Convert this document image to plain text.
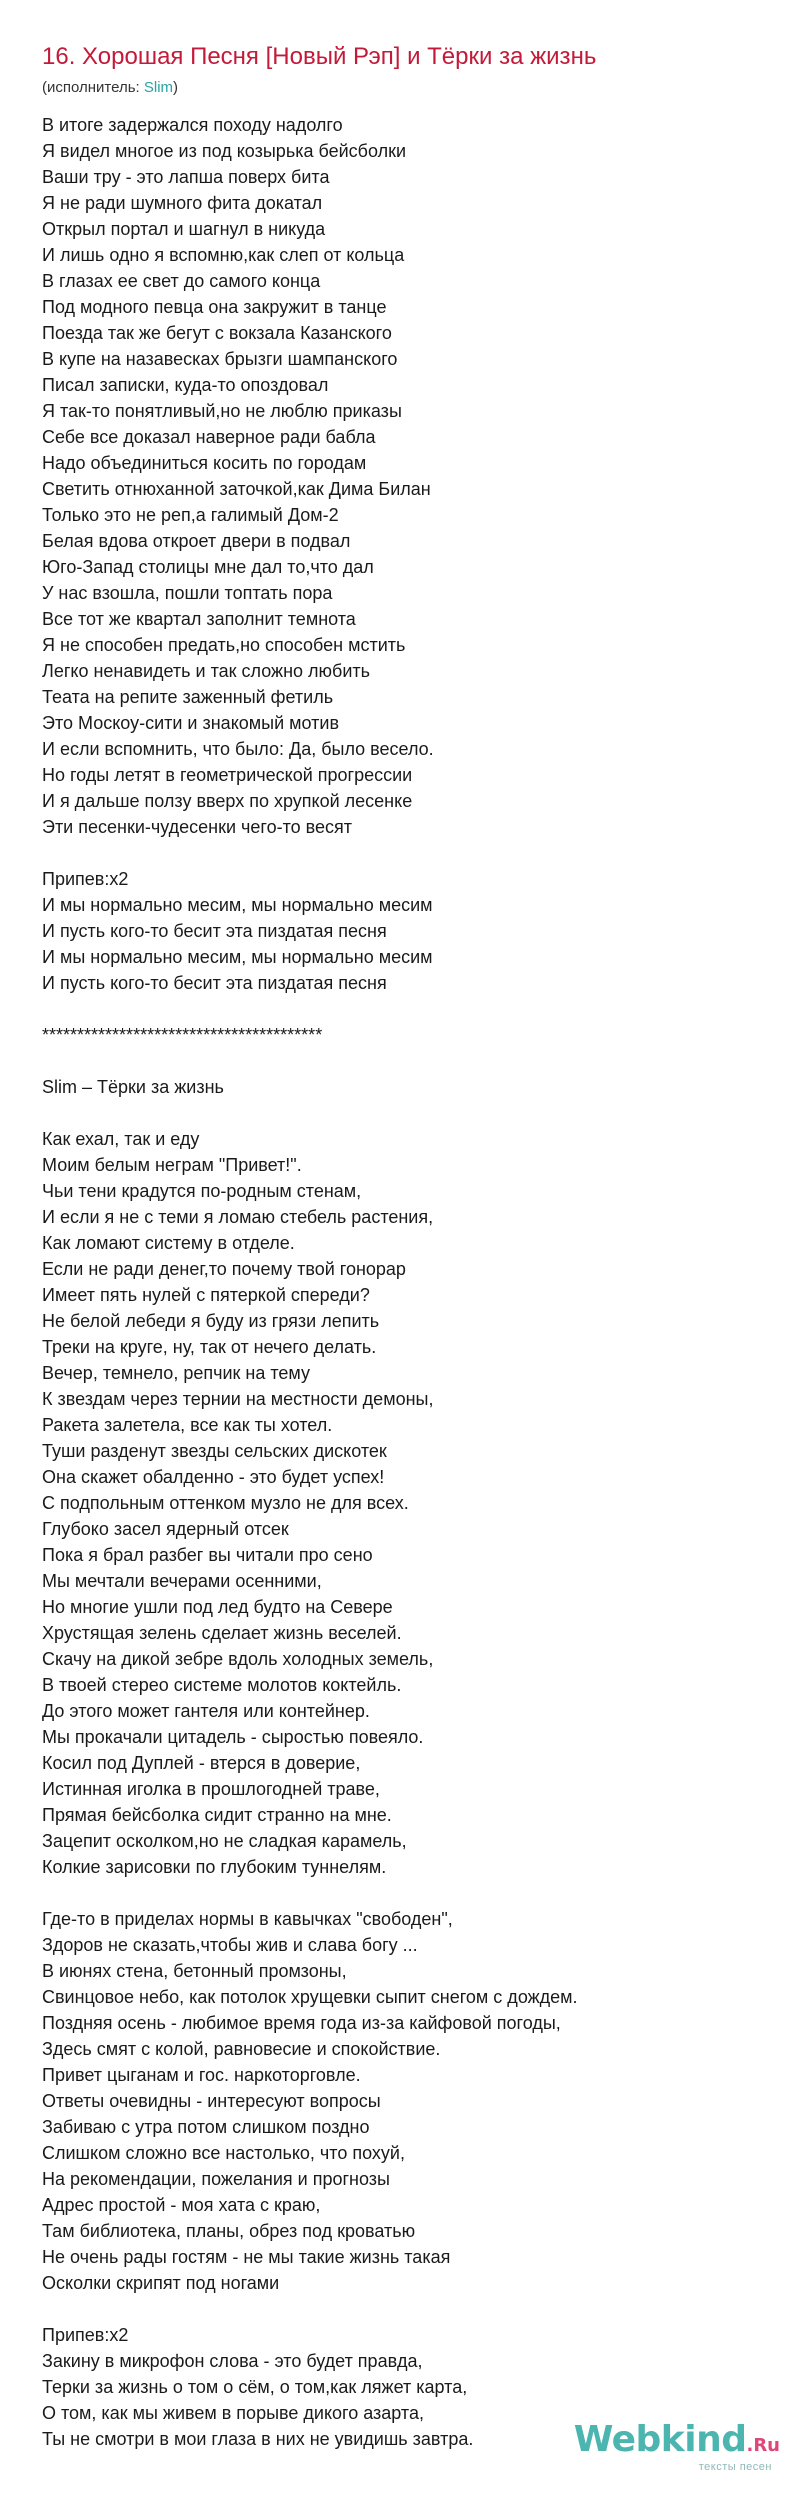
16. Хорошая Песня [Новый Рэп] и Тёрки за жизнь
(исполнитель: Slim)
В итоге задержался походу надолго
Я видел многое из под козырька бейсболки
Ваши тру - это лапша поверх бита
Я не ради шумного фита докатал
Открыл портал и шагнул в никуда
И лишь одно я вспомню,как слеп от кольца
В глазах ее свет до самого конца
Под модного певца она закружит в танце
Поезда так же бегут с вокзала Казанского
В купе на назавесках брызги шампанского
Писал записки, куда-то опоздовал
Я так-то понятливый,но не люблю приказы
Себе все доказал наверное ради бабла
Надо объединиться косить по городам
Светить отнюханной заточкой,как Дима Билан
Только это не реп,а галимый Дом-2
Белая вдова откроет двери в подвал
Юго-Запад столицы мне дал то,что дал
У нас взошла, пошли топтать пора
Все тот же квартал заполнит темнота
Я не способен предать,но способен мстить
Легко ненавидеть и так сложно любить
Теата на репите заженный фетиль
Это Москоу-сити и знакомый мотив
И если вспомнить, что было: Да, было весело.
Но годы летят в геометрической прогрессии
И я дальше ползу вверх по хрупкой лесенке
Эти песенки-чудесенки чего-то весят
Припев:x2
И мы нормально месим, мы нормально месим
И пусть кого-то бесит эта пиздатая песня
И мы нормально месим, мы нормально месим
И пусть кого-то бесит эта пиздатая песня
****************************************
Slim – Тёрки за жизнь
Как ехал, так и еду
Моим белым неграм "Привет!".
Чьи тени крадутся по-родным стенам,
И если я не с теми я ломаю стебель растения,
Как ломают систему в отделе.
Если не ради денег,то почему твой гонорар
Имеет пять нулей с пятеркой спереди?
Не белой лебеди я буду из грязи лепить
Треки на круге, ну, так от нечего делать.
Вечер, темнело, репчик на тему
К звездам через тернии на местности демоны,
Ракета залетела, все как ты хотел.
Туши разденут звезды сельских дискотек
Она скажет обалденно - это будет успех!
С подпольным оттенком музло не для всех.
Глубоко засел ядерный отсек
Пока я брал разбег вы читали про сено
Мы мечтали вечерами осенними,
Но многие ушли под лед будто на Севере
Хрустящая зелень сделает жизнь веселей.
Скачу на дикой зебре вдоль холодных земель,
В твоей стерео системе молотов коктейль.
До этого может гантеля или контейнер.
Мы прокачали цитадель - сыростью повеяло.
Косил под Дуплей - втерся в доверие,
Истинная иголка в прошлогодней траве,
Прямая бейсболка сидит странно на мне.
Зацепит осколком,но не сладкая карамель,
Колкие зарисовки по глубоким туннелям.
Где-то в приделах нормы в кавычках "свободен",
Здоров не сказать,чтобы жив и слава богу ...
В июнях стена, бетонный промзоны,
Свинцовое небо, как потолок хрущевки сыпит снегом с дождем.
Поздняя осень - любимое время года из-за кайфовой погоды,
Здесь смят с колой, равновесие и спокойствие.
Привет цыганам и гос. наркоторговле.
Ответы очевидны - интересуют вопросы
Забиваю с утра потом слишком поздно
Слишком сложно все настолько, что похуй,
На рекомендации, пожелания и прогнозы
Адрес простой - моя хата с краю,
Там библиотека, планы, обрез под кроватью
Не очень рады гостям - не мы такие жизнь такая
Осколки скрипят под ногами
Припев:x2
Закину в микрофон слова - это будет правда,
Терки за жизнь о том о сём, о том,как ляжет карта,
О том, как мы живем в порыве дикого азарта,
Ты не смотри в мои глаза в них не увидишь завтра.	Webkind.Ru
тексты песен
